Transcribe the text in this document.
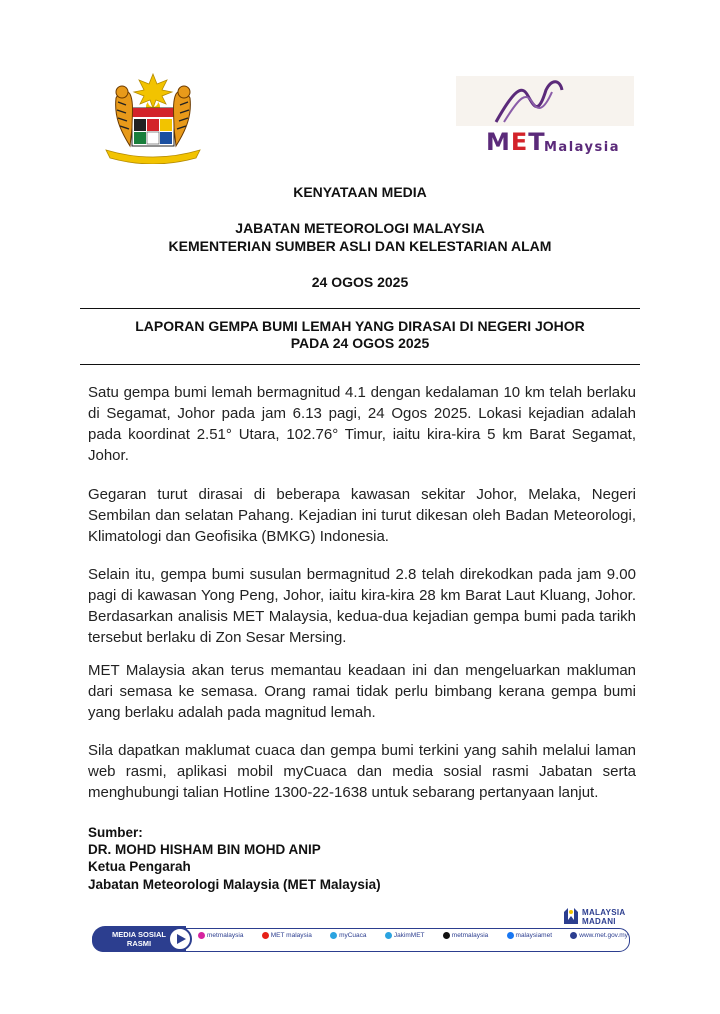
MET
Malaysia
KENYATAAN MEDIA
JABATAN METEOROLOGI MALAYSIA
KEMENTERIAN SUMBER ASLI DAN KELESTARIAN ALAM
24 OGOS 2025
LAPORAN GEMPA BUMI LEMAH YANG DIRASAI DI NEGERI JOHOR
PADA 24 OGOS 2025
Satu gempa bumi lemah bermagnitud 4.1 dengan kedalaman 10 km telah berlaku di Segamat, Johor pada jam 6.13 pagi, 24 Ogos 2025. Lokasi kejadian adalah pada koordinat 2.51° Utara, 102.76° Timur, iaitu kira-kira 5 km Barat Segamat, Johor.
Gegaran turut dirasai di beberapa kawasan sekitar Johor, Melaka, Negeri Sembilan dan selatan Pahang. Kejadian ini turut dikesan oleh Badan Meteorologi, Klimatologi dan Geofisika (BMKG) Indonesia.
Selain itu, gempa bumi susulan bermagnitud 2.8 telah direkodkan pada jam 9.00 pagi di kawasan Yong Peng, Johor, iaitu kira-kira 28 km Barat Laut Kluang, Johor. Berdasarkan analisis MET Malaysia, kedua-dua kejadian gempa bumi pada tarikh tersebut berlaku di Zon Sesar Mersing.
MET Malaysia akan terus memantau keadaan ini dan mengeluarkan makluman dari semasa ke semasa. Orang ramai tidak perlu bimbang kerana gempa bumi yang berlaku adalah pada magnitud lemah.
Sila dapatkan maklumat cuaca dan gempa bumi terkini yang sahih melalui laman web rasmi, aplikasi mobil myCuaca dan media sosial rasmi Jabatan serta menghubungi talian Hotline 1300-22-1638 untuk sebarang pertanyaan lanjut.
Sumber:
DR. MOHD HISHAM BIN MOHD ANIP
Ketua Pengarah
Jabatan Meteorologi Malaysia (MET Malaysia)
MALAYSIA
MADANI
MEDIA SOSIAL
RASMI
metmalaysia	MET malaysia	myCuaca	JakimMET	metmalaysia	malaysiamet	www.met.gov.my
